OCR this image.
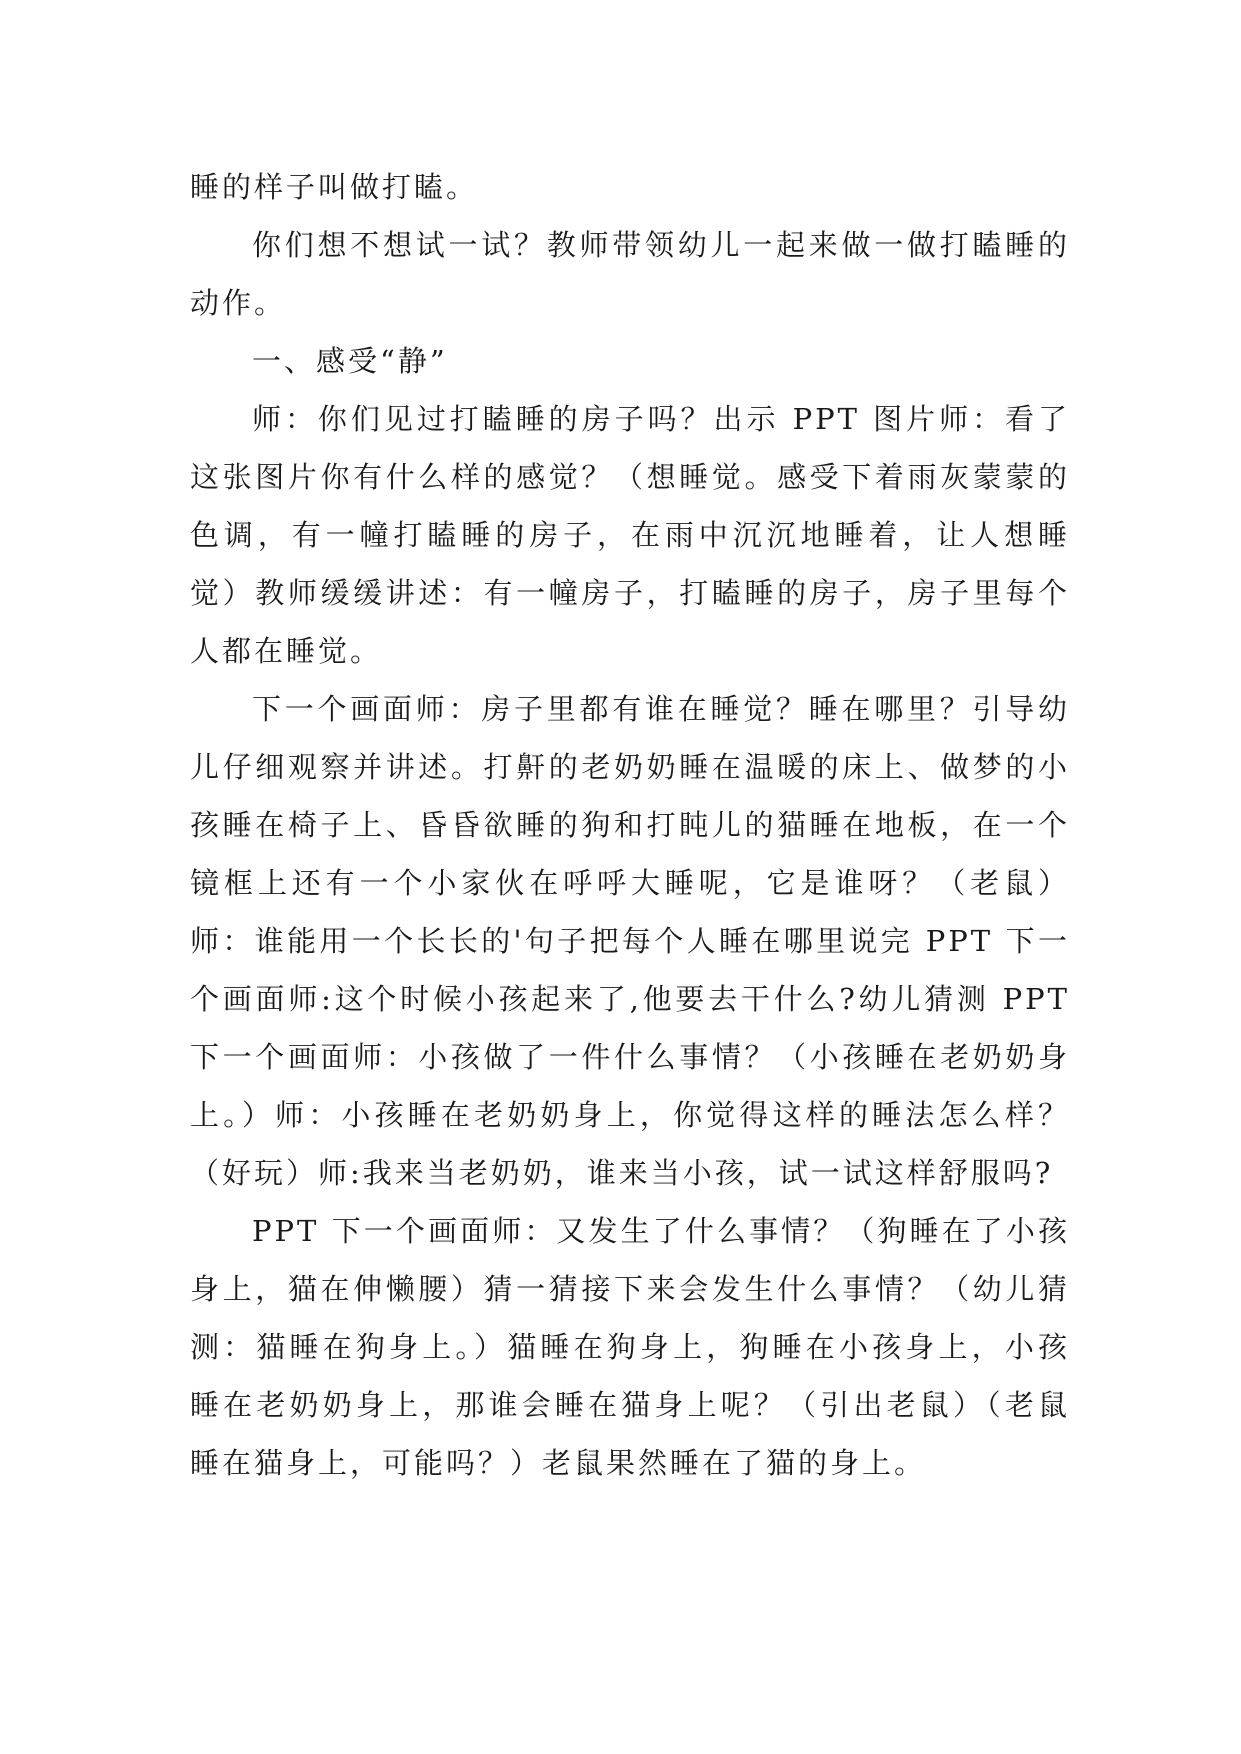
睡的样子叫做打瞌。

你们想不想试一试？教师带领幼儿一起来做一做打瞌睡的动作。

一、感受“静”

师：你们见过打瞌睡的房子吗？出示 PPT 图片师：看了这张图片你有什么样的感觉？（想睡觉。感受下着雨灰蒙蒙的色调，有一幢打瞌睡的房子，在雨中沉沉地睡着，让人想睡觉）教师缓缓讲述：有一幢房子，打瞌睡的房子，房子里每个人都在睡觉。

下一个画面师：房子里都有谁在睡觉？睡在哪里？引导幼儿仔细观察并讲述。打鼾的老奶奶睡在温暖的床上、做梦的小孩睡在椅子上、昏昏欲睡的狗和打盹儿的猫睡在地板，在一个镜框上还有一个小家伙在呼呼大睡呢，它是谁呀？（老鼠）师：谁能用一个长长的'句子把每个人睡在哪里说完 PPT 下一个画面师:这个时候小孩起来了,他要去干什么?幼儿猜测 PPT 下一个画面师：小孩做了一件什么事情？（小孩睡在老奶奶身上。）师：小孩睡在老奶奶身上，你觉得这样的睡法怎么样？（好玩）师:我来当老奶奶，谁来当小孩，试一试这样舒服吗?

PPT 下一个画面师：又发生了什么事情？（狗睡在了小孩身上，猫在伸懒腰）猜一猜接下来会发生什么事情？（幼儿猜测：猫睡在狗身上。）猫睡在狗身上，狗睡在小孩身上，小孩睡在老奶奶身上，那谁会睡在猫身上呢？（引出老鼠）（老鼠睡在猫身上，可能吗？）老鼠果然睡在了猫的身上。
